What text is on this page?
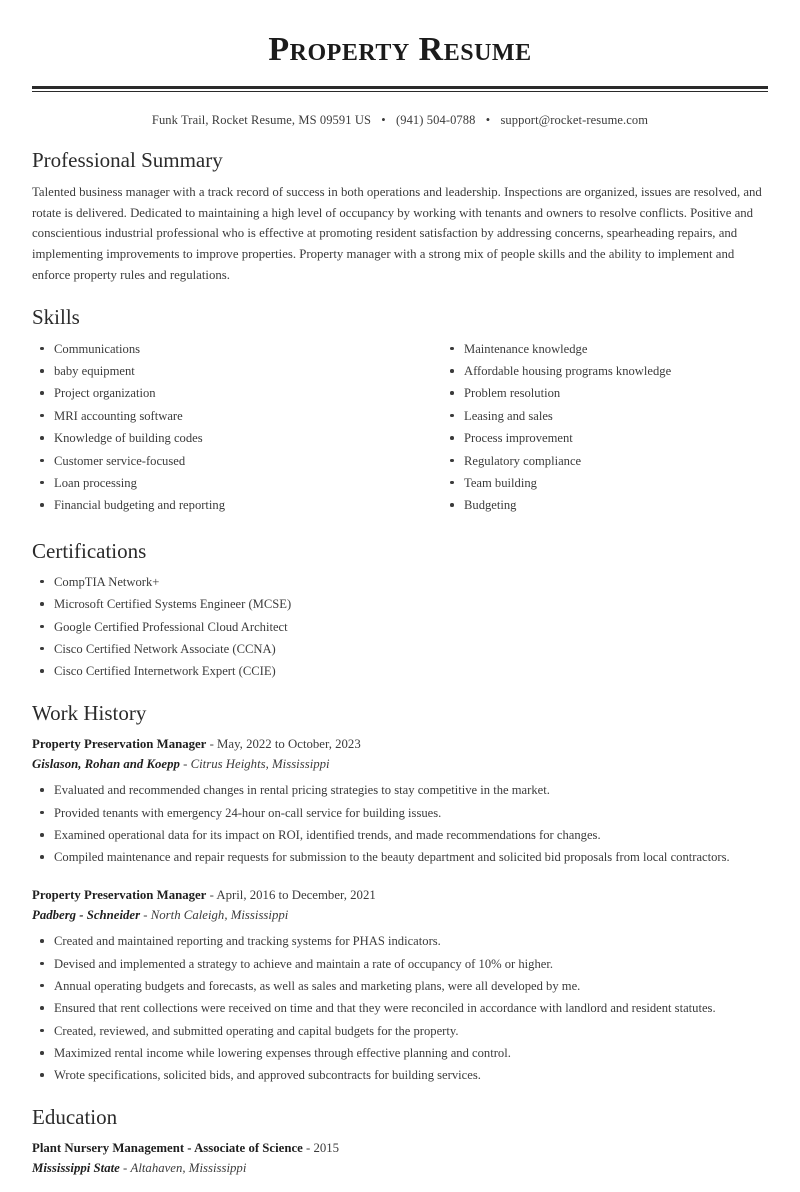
Property Resume
Funk Trail, Rocket Resume, MS 09591 US • (941) 504-0788 • support@rocket-resume.com
Professional Summary

Talented business manager with a track record of success in both operations and leadership. Inspections are organized, issues are resolved, and rotate is delivered. Dedicated to maintaining a high level of occupancy by working with tenants and owners to resolve conflicts. Positive and conscientious industrial professional who is effective at promoting resident satisfaction by addressing concerns, spearheading repairs, and implementing improvements to improve properties. Property manager with a strong mix of people skills and the ability to implement and enforce property rules and regulations.

Skills
Communications
baby equipment
Project organization
MRI accounting software
Knowledge of building codes
Customer service-focused
Loan processing
Financial budgeting and reporting
Maintenance knowledge
Affordable housing programs knowledge
Problem resolution
Leasing and sales
Process improvement
Regulatory compliance
Team building
Budgeting
Certifications
CompTIA Network+
Microsoft Certified Systems Engineer (MCSE)
Google Certified Professional Cloud Architect
Cisco Certified Network Associate (CCNA)
Cisco Certified Internetwork Expert (CCIE)
Work History

Property Preservation Manager - May, 2022 to October, 2023

Gislason, Rohan and Koepp - Citrus Heights, Mississippi

Evaluated and recommended changes in rental pricing strategies to stay competitive in the market.
Provided tenants with emergency 24-hour on-call service for building issues.
Examined operational data for its impact on ROI, identified trends, and made recommendations for changes.
Compiled maintenance and repair requests for submission to the beauty department and solicited bid proposals from local contractors.

Property Preservation Manager - April, 2016 to December, 2021

Padberg - Schneider - North Caleigh, Mississippi

Created and maintained reporting and tracking systems for PHAS indicators.
Devised and implemented a strategy to achieve and maintain a rate of occupancy of 10% or higher.
Annual operating budgets and forecasts, as well as sales and marketing plans, were all developed by me.
Ensured that rent collections were received on time and that they were reconciled in accordance with landlord and resident statutes.
Created, reviewed, and submitted operating and capital budgets for the property.
Maximized rental income while lowering expenses through effective planning and control.
Wrote specifications, solicited bids, and approved subcontracts for building services.
Education

Plant Nursery Management - Associate of Science - 2015

Mississippi State - Altahaven, Mississippi
